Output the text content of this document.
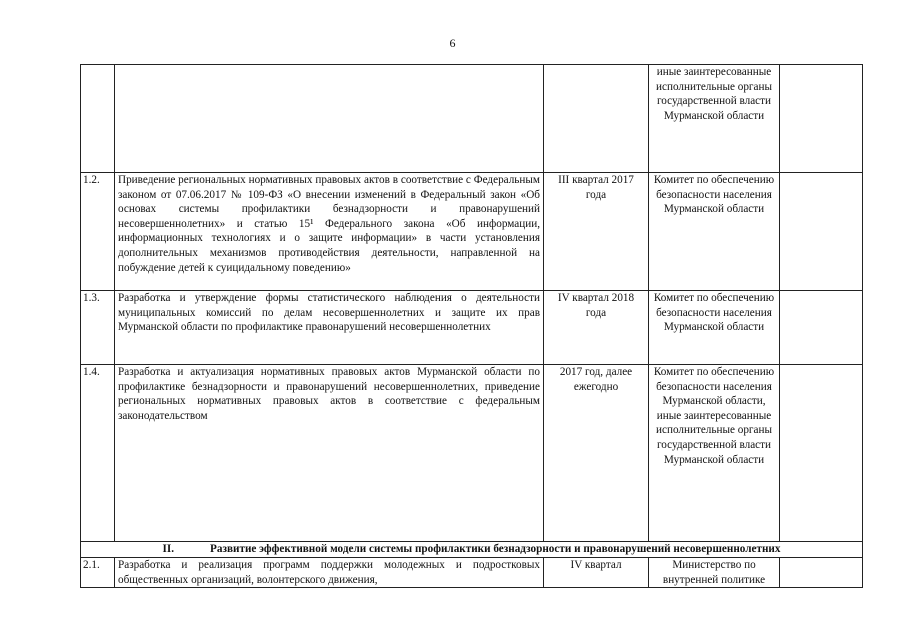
6
			иные заинтересованные исполнительные органы государственной власти Мурманской области	
1.2.	Приведение региональных нормативных правовых актов в соответствие с Федеральным законом от 07.06.2017 № 109-ФЗ «О внесении изменений в Федеральный закон «Об основах системы профилактики безнадзорности и правонарушений несовершеннолетних» и статью 15¹ Федерального закона «Об информации, информационных технологиях и о защите информации» в части установления дополнительных механизмов противодействия деятельности, направленной на побуждение детей к суицидальному поведению»	III квартал 2017 года	Комитет по обеспечению безопасности населения Мурманской области	
1.3.	Разработка и утверждение формы статистического наблюдения о деятельности муниципальных комиссий по делам несовершеннолетних и защите их прав Мурманской области по профилактике правонарушений несовершеннолетних	IV квартал 2018 года	Комитет по обеспечению безопасности населения Мурманской области	
1.4.	Разработка и актуализация нормативных правовых актов Мурманской области по профилактике безнадзорности и правонарушений несовершеннолетних, приведение региональных нормативных правовых актов в соответствие с федеральным законодательством	2017 год, далее ежегодно	Комитет по обеспечению безопасности населения Мурманской области, иные заинтересованные исполнительные органы государственной власти Мурманской области	
II. Развитие эффективной модели системы профилактики безнадзорности и правонарушений несовершеннолетних				
2.1.	Разработка и реализация программ поддержки молодежных и подростковых общественных организаций, волонтерского движения,	IV квартал	Министерство по внутренней политике	
